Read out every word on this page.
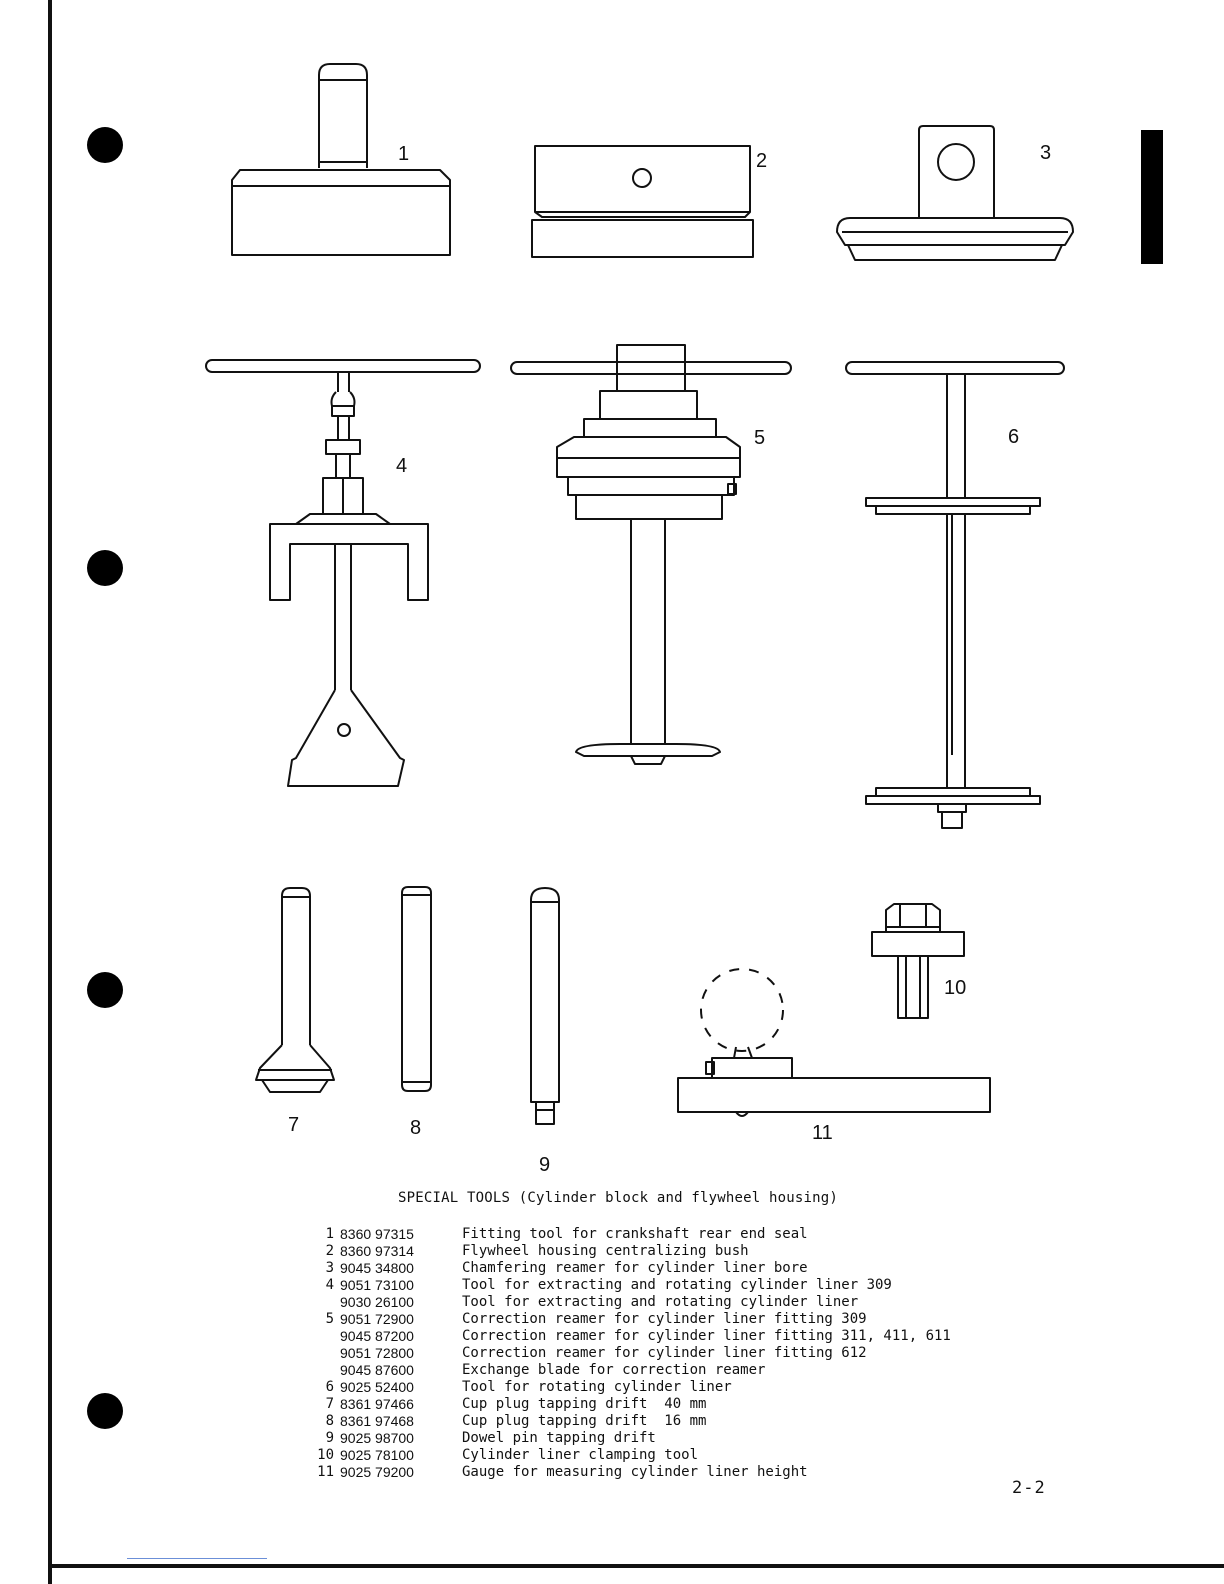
1	2	3
4
5	6
7	8
9
10
11
SPECIAL TOOLS (Cylinder block and flywheel housing)
1	8360 97315	Fitting tool for crankshaft rear end seal
2	8360 97314	Flywheel housing centralizing bush
3	9045 34800	Chamfering reamer for cylinder liner bore
4	9051 73100	Tool for extracting and rotating cylinder liner 309
	9030 26100	Tool for extracting and rotating cylinder liner
5	9051 72900	Correction reamer for cylinder liner fitting 309
	9045 87200	Correction reamer for cylinder liner fitting 311, 411, 611
	9051 72800	Correction reamer for cylinder liner fitting 612
	9045 87600	Exchange blade for correction reamer
6	9025 52400	Tool for rotating cylinder liner
7	8361 97466	Cup plug tapping drift  40 mm
8	8361 97468	Cup plug tapping drift  16 mm
9	9025 98700	Dowel pin tapping drift
10	9025 78100	Cylinder liner clamping tool
11	9025 79200	Gauge for measuring cylinder liner height
2-2
